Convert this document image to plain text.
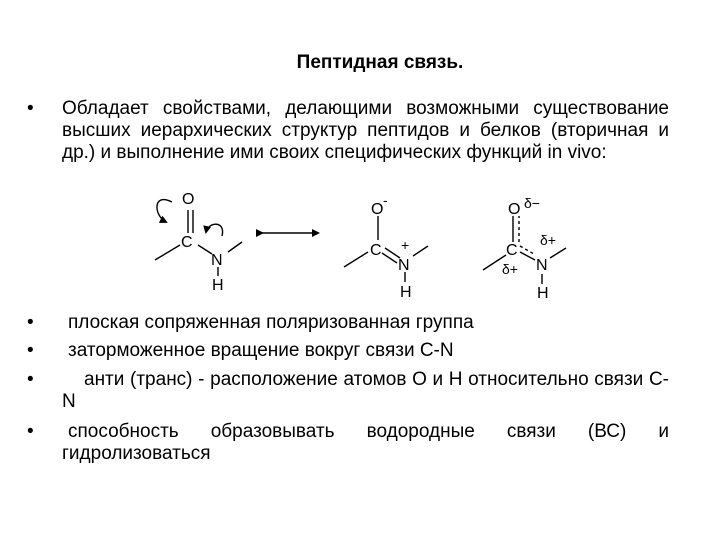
Пептидная связь.
• Обладает свойствами, делающими возможными существование высших иерархических структур пептидов и белков (вторичная и др.) и выполнение ими своих специфических функций in vivo:
O
C
N
H
O
-
C
N
+
H
O δ−
C
δ+ N
δ+
H
•	плоская сопряженная поляризованная группа
•	заторможенное вращение вокруг связи C-N
•	анти (транс) - расположение атомов О и Н относительно связи C-N
•	способность образовывать водородные связи (ВС) и гидролизоваться
